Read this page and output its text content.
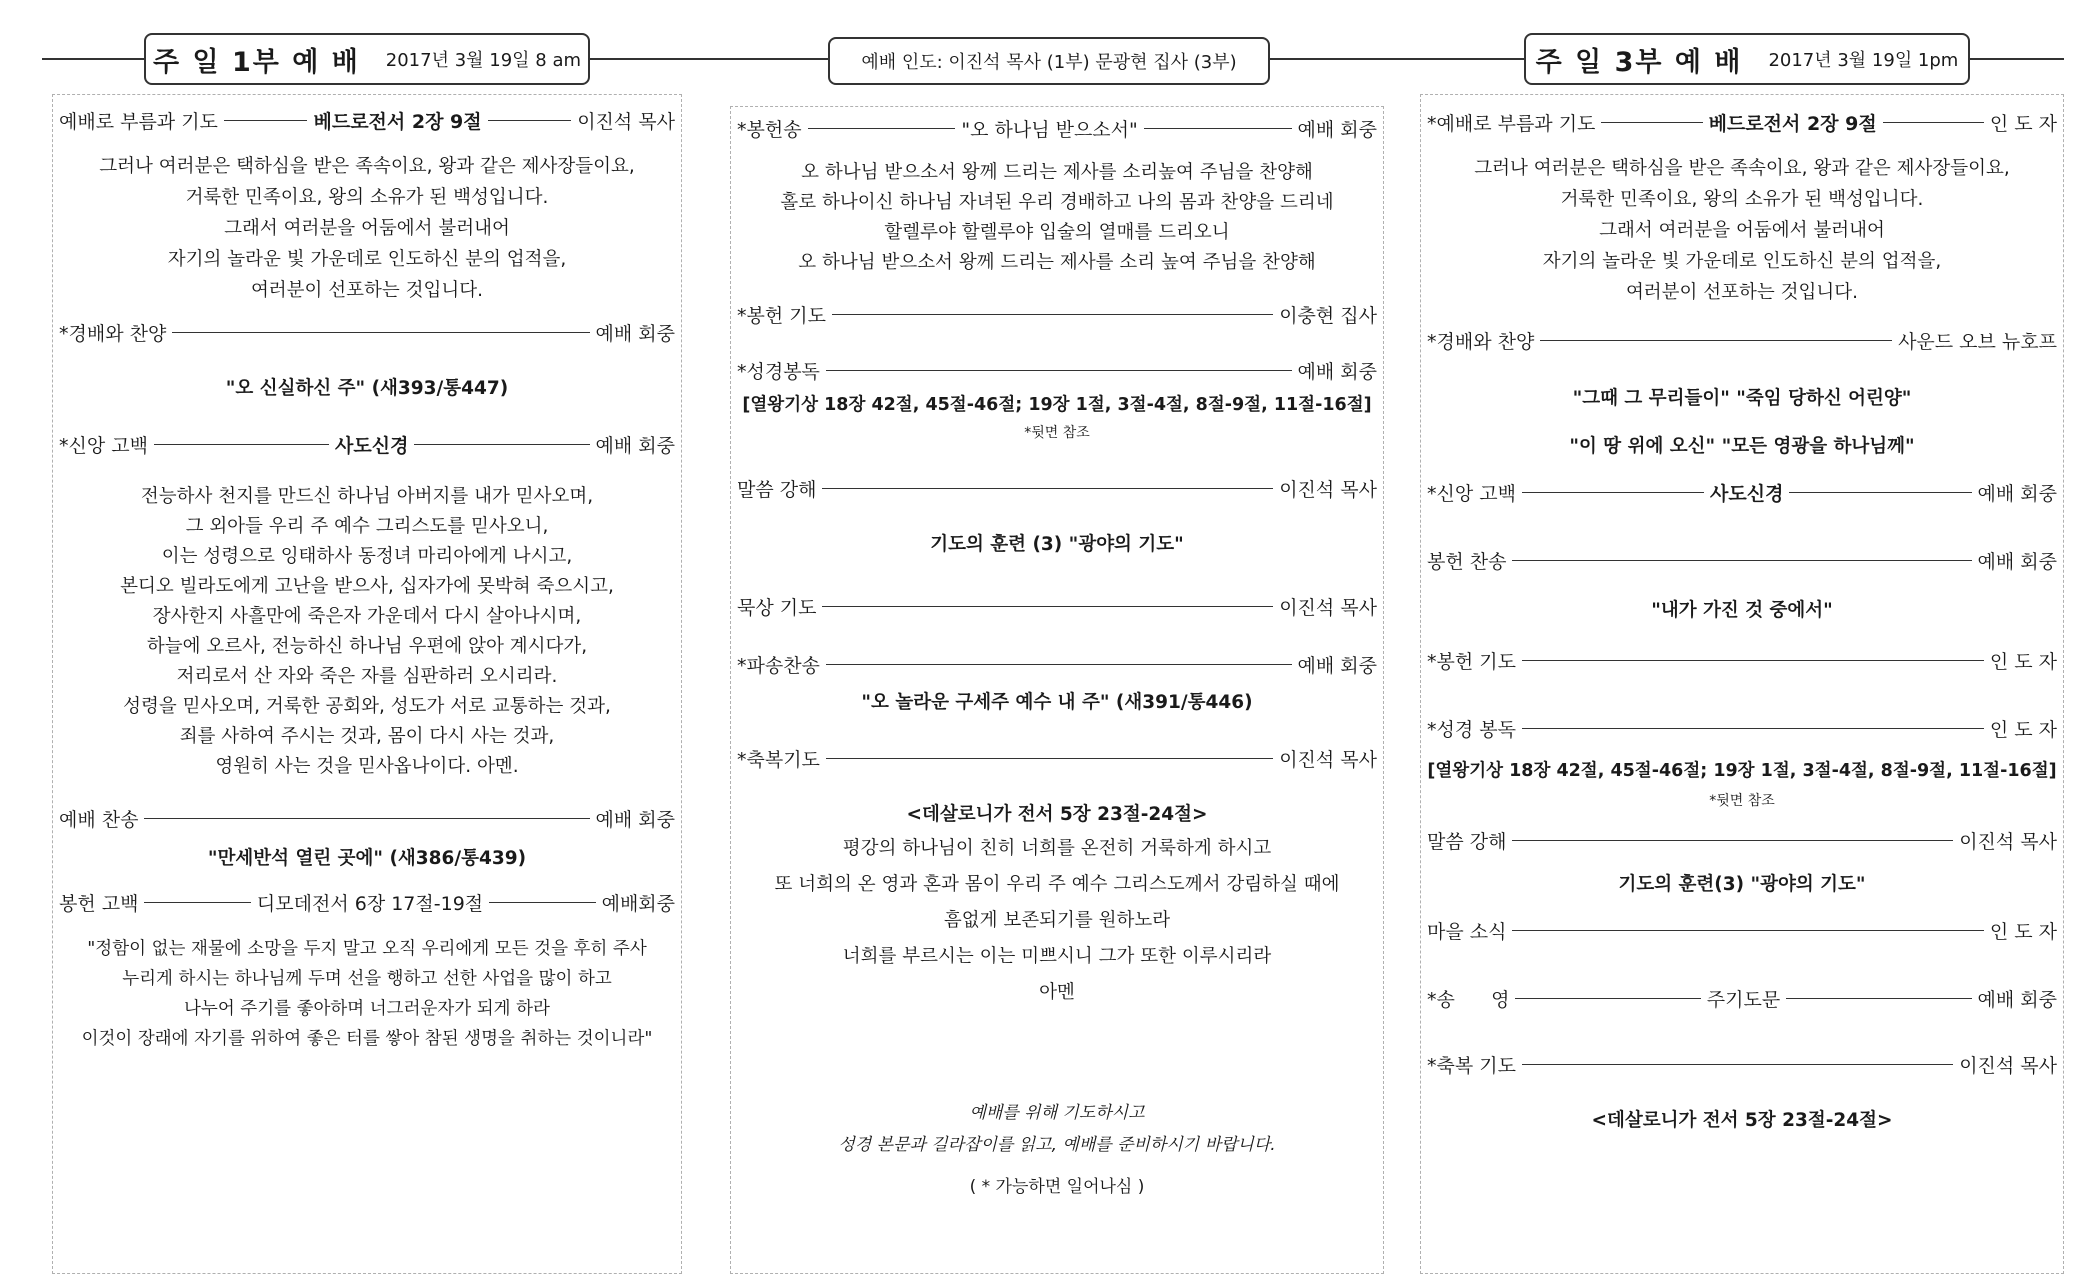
주 일 1부 예 배 2017년 3월 19일 8 am	예배 인도: 이진석 목사 (1부) 문광현 집사 (3부)	주 일 3부 예 배 2017년 3월 19일 1pm
예배로 부름과 기도	베드로전서 2장 9절	이진석 목사
그러나 여러분은 택하심을 받은 족속이요, 왕과 같은 제사장들이요,
거룩한 민족이요, 왕의 소유가 된 백성입니다.
그래서 여러분을 어둠에서 불러내어
자기의 놀라운 빛 가운데로 인도하신 분의 업적을,
여러분이 선포하는 것입니다.
*경배와 찬양	예배 회중
"오 신실하신 주" (새393/통447)
*신앙 고백	사도신경	예배 회중
전능하사 천지를 만드신 하나님 아버지를 내가 믿사오며,
그 외아들 우리 주 예수 그리스도를 믿사오니,
이는 성령으로 잉태하사 동정녀 마리아에게 나시고,
본디오 빌라도에게 고난을 받으사, 십자가에 못박혀 죽으시고,
장사한지 사흘만에 죽은자 가운데서 다시 살아나시며,
하늘에 오르사, 전능하신 하나님 우편에 앉아 계시다가,
저리로서 산 자와 죽은 자를 심판하러 오시리라.
성령을 믿사오며, 거룩한 공회와, 성도가 서로 교통하는 것과,
죄를 사하여 주시는 것과, 몸이 다시 사는 것과,
영원히 사는 것을 믿사옵나이다. 아멘.
예배 찬송	예배 회중
"만세반석 열린 곳에" (새386/통439)
봉헌 고백	디모데전서 6장 17절-19절	예배회중
"정함이 없는 재물에 소망을 두지 말고 오직 우리에게 모든 것을 후히 주사
누리게 하시는 하나님께 두며 선을 행하고 선한 사업을 많이 하고
나누어 주기를 좋아하며 너그러운자가 되게 하라
이것이 장래에 자기를 위하여 좋은 터를 쌓아 참된 생명을 취하는 것이니라"
*봉헌송	"오 하나님 받으소서"	예배 회중
오 하나님 받으소서 왕께 드리는 제사를 소리높여 주님을 찬양해
홀로 하나이신 하나님 자녀된 우리 경배하고 나의 몸과 찬양을 드리네
할렐루야 할렐루야 입술의 열매를 드리오니
오 하나님 받으소서 왕께 드리는 제사를 소리 높여 주님을 찬양해
*봉헌 기도	이충현 집사
*성경봉독	예배 회중
[열왕기상 18장 42절, 45절-46절; 19장 1절, 3절-4절, 8절-9절, 11절-16절]
*뒷면 참조
말씀 강해	이진석 목사
기도의 훈련 (3) "광야의 기도"
묵상 기도	이진석 목사
*파송찬송	예배 회중
"오 놀라운 구세주 예수 내 주" (새391/통446)
*축복기도	이진석 목사
<데살로니가 전서 5장 23절-24절>
평강의 하나님이 친히 너희를 온전히 거룩하게 하시고
또 너희의 온 영과 혼과 몸이 우리 주 예수 그리스도께서 강림하실 때에
흠없게 보존되기를 원하노라
너희를 부르시는 이는 미쁘시니 그가 또한 이루시리라
아멘
예배를 위해 기도하시고
성경 본문과 길라잡이를 읽고, 예배를 준비하시기 바랍니다.
( * 가능하면 일어나심 )
*예배로 부름과 기도	베드로전서 2장 9절	인 도 자
그러나 여러분은 택하심을 받은 족속이요, 왕과 같은 제사장들이요,
거룩한 민족이요, 왕의 소유가 된 백성입니다.
그래서 여러분을 어둠에서 불러내어
자기의 놀라운 빛 가운데로 인도하신 분의 업적을,
여러분이 선포하는 것입니다.
*경배와 찬양	사운드 오브 뉴호프
"그때 그 무리들이" "죽임 당하신 어린양"
"이 땅 위에 오신" "모든 영광을 하나님께"
*신앙 고백	사도신경	예배 회중
봉헌 찬송	예배 회중
"내가 가진 것 중에서"
*봉헌 기도	인 도 자
*성경 봉독	인 도 자
[열왕기상 18장 42절, 45절-46절; 19장 1절, 3절-4절, 8절-9절, 11절-16절]
*뒷면 참조
말씀 강해	이진석 목사
기도의 훈련(3) "광야의 기도"
마을 소식	인 도 자
*송      영	주기도문	예배 회중
*축복 기도	이진석 목사
<데살로니가 전서 5장 23절-24절>
